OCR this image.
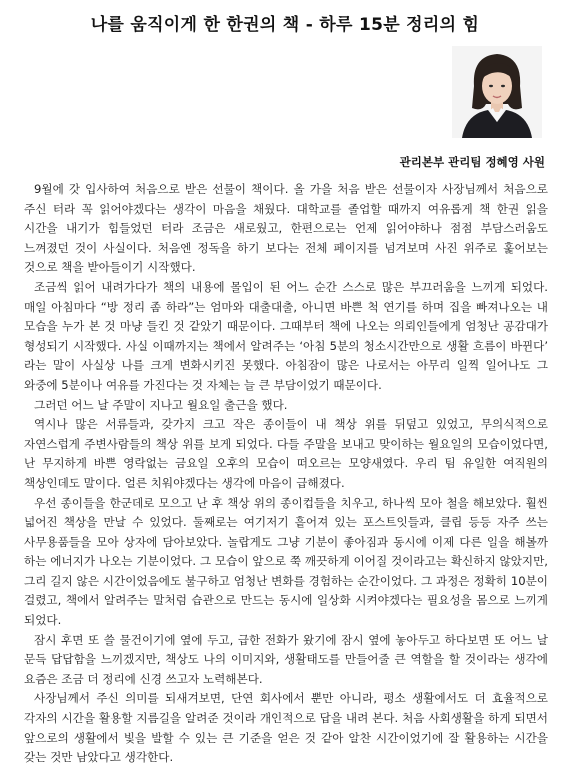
나를 움직이게 한 한권의 책 - 하루 15분 정리의 힘
관리본부 관리팀 정혜영 사원

9월에 갓 입사하여 처음으로 받은 선물이 책이다. 올 가을 처음 받은 선물이자 사장님께서 처음으로 주신 터라 꼭 읽어야겠다는 생각이 마음을 채웠다. 대학교를 졸업할 때까지 여유롭게 책 한권 읽을 시간을 내기가 힘들었던 터라 조금은 새로웠고, 한편으로는 언제 읽어야하나 점점 부담스러움도 느껴졌던 것이 사실이다. 처음엔 정독을 하기 보다는 전체 페이지를 넘겨보며 사진 위주로 훑어보는 것으로 책을 받아들이기 시작했다.

조금씩 읽어 내려가다가 책의 내용에 몰입이 된 어느 순간 스스로 많은 부끄러움을 느끼게 되었다. 매일 아침마다 “방 정리 좀 하라”는 엄마와 대출대출, 아니면 바쁜 척 연기를 하며 집을 빠져나오는 내 모습을 누가 본 것 마냥 들킨 것 같았기 때문이다. 그때부터 책에 나오는 의뢰인들에게 엄청난 공감대가 형성되기 시작했다. 사실 이때까지는 책에서 알려주는 ‘아침 5분의 청소시간만으로 생활 흐름이 바뀐다’ 라는 말이 사실상 나를 크게 변화시키진 못했다. 아침잠이 많은 나로서는 아무리 일찍 일어나도 그 와중에 5분이나 여유를 가진다는 것 자체는 늘 큰 부담이었기 때문이다.

그러던 어느 날 주말이 지나고 월요일 출근을 했다.

역시나 많은 서류들과, 갖가지 크고 작은 종이들이 내 책상 위를 뒤덮고 있었고, 무의식적으로 자연스럽게 주변사람들의 책상 위를 보게 되었다. 다들 주말을 보내고 맞이하는 월요일의 모습이었다면, 난 무지하게 바쁜 영락없는 금요일 오후의 모습이 떠오르는 모양새였다. 우리 팀 유일한 여직원의 책상인데도 말이다. 얼른 치워야겠다는 생각에 마음이 급해졌다.

우선 종이들을 한군데로 모으고 난 후 책상 위의 종이컵들을 치우고, 하나씩 모아 철을 해보았다. 훨씬 넓어진 책상을 만날 수 있었다. 둘째로는 여기저기 흩어져 있는 포스트잇들과, 클립 등등 자주 쓰는 사무용품들을 모아 상자에 담아보았다. 놀랍게도 그냥 기분이 좋아짐과 동시에 이제 다른 일을 해볼까 하는 에너지가 나오는 기분이었다. 그 모습이 앞으로 쭉 깨끗하게 이어질 것이라고는 확신하지 않았지만, 그리 길지 않은 시간이었음에도 불구하고 엄청난 변화를 경험하는 순간이었다. 그 과정은 정확히 10분이 걸렸고, 책에서 알려주는 말처럼 습관으로 만드는 동시에 일상화 시켜야겠다는 필요성을 몸으로 느끼게 되었다.

잠시 후면 또 쓸 물건이기에 옆에 두고, 급한 전화가 왔기에 잠시 옆에 놓아두고 하다보면 또 어느 날 문득 답답함을 느끼겠지만, 책상도 나의 이미지와, 생활태도를 만들어줄 큰 역할을 할 것이라는 생각에 요즘은 조금 더 정리에 신경 쓰고자 노력해본다.

사장님께서 주신 의미를 되새겨보면, 단연 회사에서 뿐만 아니라, 평소 생활에서도 더 효율적으로 각자의 시간을 활용할 지름길을 알려준 것이라 개인적으로 답을 내려 본다. 처음 사회생활을 하게 되면서 앞으로의 생활에서 빛을 발할 수 있는 큰 기준을 얻은 것 같아 알찬 시간이었기에 잘 활용하는 시간을 갖는 것만 남았다고 생각한다.
